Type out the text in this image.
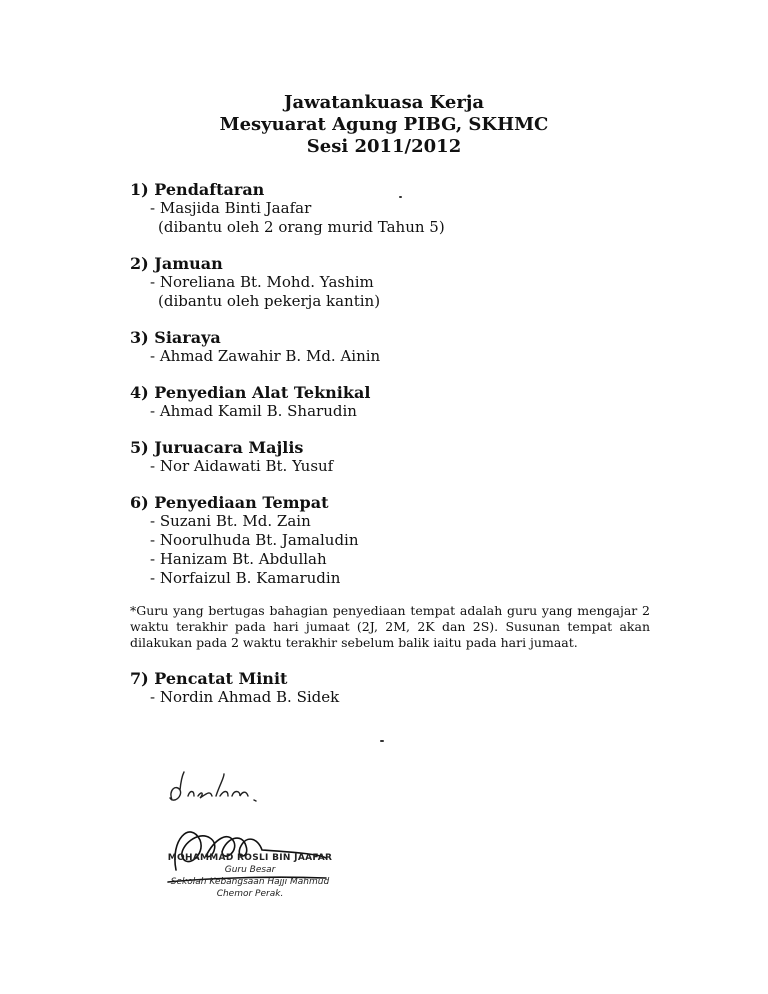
Jawatankuasa Kerja

Mesyuarat Agung PIBG, SKHMC

Sesi 2011/2012

1) Pendaftaran

- Masjida Binti Jaafar

(dibantu oleh 2 orang murid Tahun 5)

2) Jamuan

- Noreliana Bt. Mohd. Yashim

(dibantu oleh pekerja kantin)

3) Siaraya

- Ahmad Zawahir B. Md. Ainin

4) Penyedian Alat Teknikal

- Ahmad Kamil B. Sharudin

5) Juruacara Majlis

- Nor Aidawati Bt. Yusuf

6) Penyediaan Tempat

- Suzani Bt. Md. Zain

- Noorulhuda Bt. Jamaludin

- Hanizam Bt. Abdullah

- Norfaizul B. Kamarudin

*Guru yang bertugas bahagian penyediaan tempat adalah guru yang mengajar 2 waktu terakhir pada hari jumaat (2J, 2M, 2K dan 2S). Susunan tempat akan dilakukan pada 2 waktu terakhir sebelum balik iaitu pada hari jumaat.

7) Pencatat Minit

- Nordin Ahmad B. Sidek

MOHAMMAD ROSLI BIN JAAFAR
Guru Besar
Sekolah Kebangsaan Hajji Mahmud
Chemor Perak.
